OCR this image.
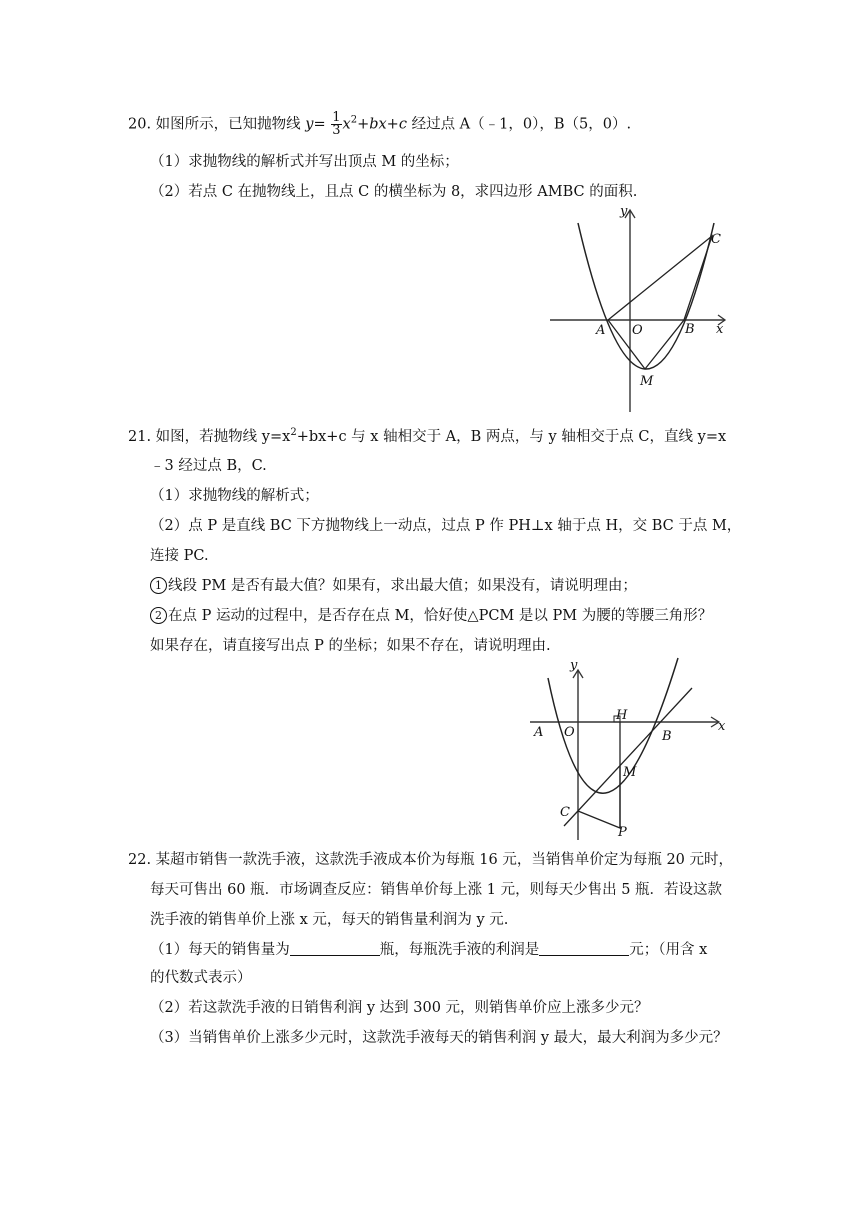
20. 如图所示，已知抛物线 $y= \frac{1}{3} x^2+bx+c$ 经过点 A（﹣1，0），B（5，0）.
（1）求抛物线的解析式并写出顶点 M 的坐标；
（2）若点 C 在抛物线上，且点 C 的横坐标为 8，求四边形 AMBC 的面积.
y
x
A O	B
C
M
21. 如图，若抛物线 $y=x^2+bx+c$ 与 x 轴相交于 A，B 两点，与 y 轴相交于点 C，直线 y=x
﹣3 经过点 B，C.
（1）求抛物线的解析式；
（2）点 P 是直线 BC 下方抛物线上一动点，过点 P 作 PH⊥x 轴于点 H，交 BC 于点 M，
连接 PC.
1 线段 PM 是否有最大值？如果有，求出最大值；如果没有，请说明理由；
2 在点 P 运动的过程中，是否存在点 M，恰好使△PCM 是以 PM 为腰的等腰三角形？
如果存在，请直接写出点 P 的坐标；如果不存在，请说明理由.
y
x
A O
H
B
M
C
P
22. 某超市销售一款洗手液，这款洗手液成本价为每瓶 16 元，当销售单价定为每瓶 20 元时，
每天可售出 60 瓶．市场调查反应：销售单价每上涨 1 元，则每天少售出 5 瓶．若设这款
洗手液的销售单价上涨 x 元，每天的销售量利润为 y 元.
（1）每天的销售量为	瓶，每瓶洗手液的利润是	元；（用含 x
的代数式表示）
（2）若这款洗手液的日销售利润 y 达到 300 元，则销售单价应上涨多少元？
（3）当销售单价上涨多少元时，这款洗手液每天的销售利润 y 最大，最大利润为多少元？
